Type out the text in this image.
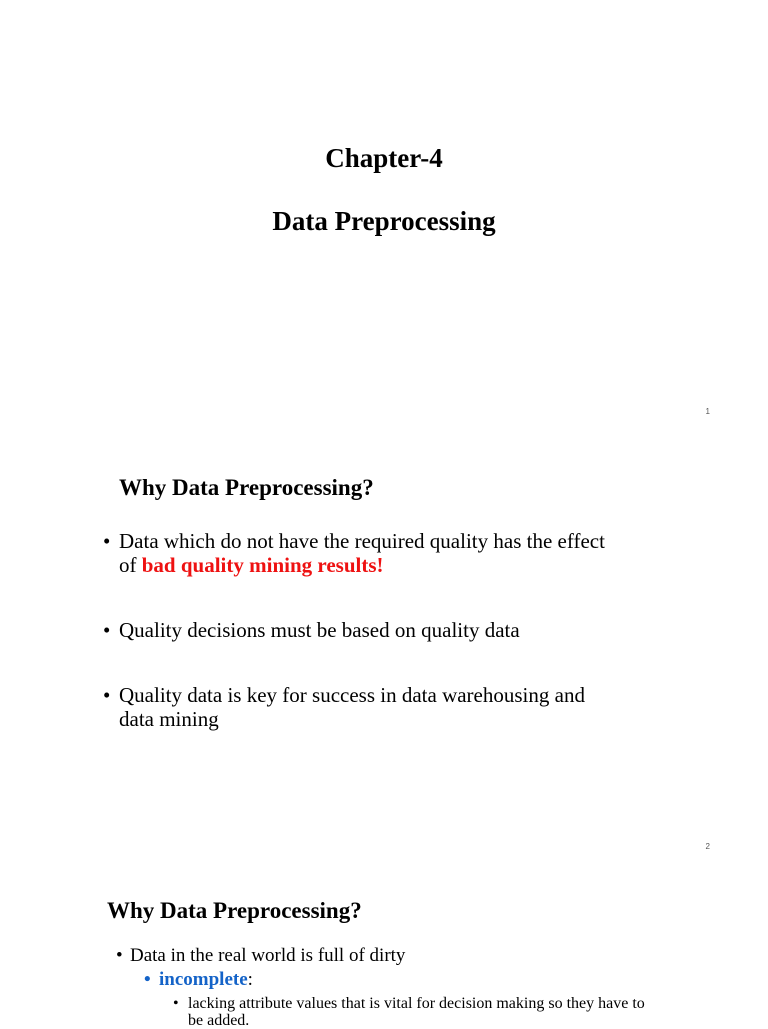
Chapter-4
Data Preprocessing
1
Why Data Preprocessing?
• Data which do not have the required quality has the effect of bad quality mining results!
• Quality decisions must be based on quality data
• Quality data is key for success in data warehousing and data mining
2
Why Data Preprocessing?
• Data in the real world is full of dirty
• incomplete:
• lacking attribute values that is vital for decision making so they have to be added.
